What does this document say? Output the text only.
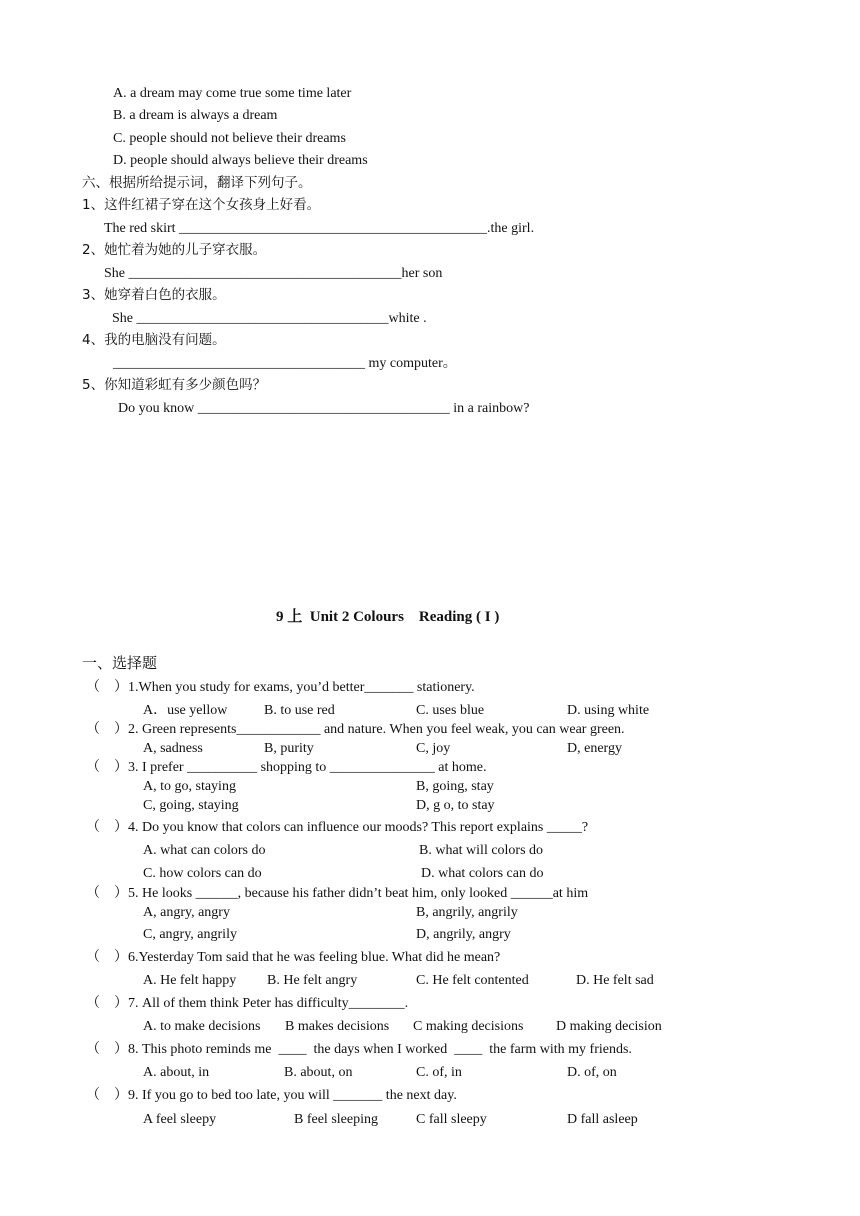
A. a dream may come true some time later
B. a dream is always a dream
C. people should not believe their dreams
D. people should always believe their dreams
六、根据所给提示词，翻译下列句子。
1、这件红裙子穿在这个女孩身上好看。
The red skirt ____________________________________________.the girl.
2、她忙着为她的儿子穿衣服。
She _______________________________________her son
3、她穿着白色的衣服。
She ____________________________________white .
4、我的电脑没有问题。
____________________________________ my computer。
5、你知道彩虹有多少颜色吗？
Do you know ____________________________________ in a rainbow?
9 上  Unit 2 Colours    Reading ( I )
一、选择题
（    ）1.When you study for exams, you’d better_______ stationery.
A．use yellow	B. to use red	C. uses blue	D. using white
（    ）2. Green represents____________ and nature. When you feel weak, you can wear green.
A, sadness	B, purity	C, joy	D, energy
（    ）3. I prefer __________ shopping to _______________ at home.
A, to go, staying	B, going, stay
C, going, staying	D, g o, to stay
（    ）4. Do you know that colors can influence our moods? This report explains _____?
A. what can colors do	B. what will colors do
C. how colors can do	D. what colors can do
（    ）5. He looks ______, because his father didn’t beat him, only looked ______at him
A, angry, angry	B, angrily, angrily
C, angry, angrily	D, angrily, angry
（    ）6.Yesterday Tom said that he was feeling blue. What did he mean?
A. He felt happy B. He felt angry	C. He felt contented	D. He felt sad
（    ）7. All of them think Peter has difficulty________.
A. to make decisions B makes decisions C making decisions D making decision
（    ）8. This photo reminds me  ____  the days when I worked  ____  the farm with my friends.
A. about, in	B. about, on	C. of, in	D. of, on
（    ）9. If you go to bed too late, you will _______ the next day.
A feel sleepy	B feel sleeping	C fall sleepy	D fall asleep
